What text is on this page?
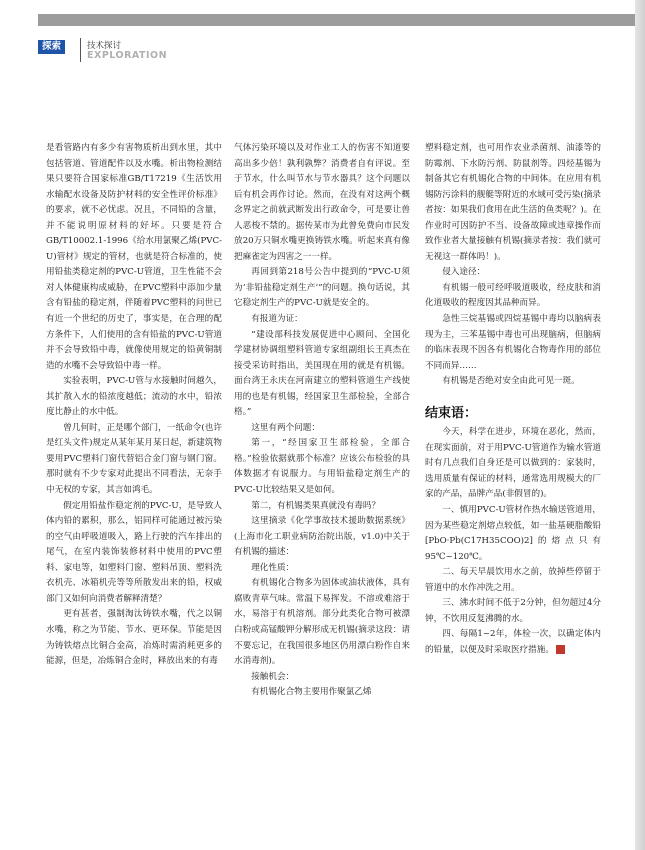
探索	技术探讨
EXPLORATION

是看管路内有多少有害物质析出到水里，其中包括管道、管道配件以及水嘴。析出物检测结果只要符合国家标准GB/T17219《生活饮用水输配水设备及防护材料的安全性评价标准》的要求，就不必忧虑。况且，不同铅的含量，并不能说明原材料的好坏。只要是符合GB/T10002.1-1996《给水用氯聚乙烯(PVC-U)管材》规定的管材，也就是符合标准的，使用铅盐类稳定剂的PVC-U管道，卫生性能不会对人体健康构成威胁，在PVC塑料中添加少量含有铅盐的稳定剂，伴随着PVC塑料的问世已有近一个世纪的历史了，事实是，在合理的配方条件下，人们使用的含有铅盐的PVC-U管道并不会导致铅中毒，就像使用规定的铅黄铜制造的水嘴不会导致铅中毒一样。

实验表明，PVC-U管与水接触时间越久，其扩散入水的铅浓度越低；流动的水中，铅浓度比静止的水中低。

曾几何时，正是哪个部门，一纸命令(也许是红头文件)规定从某年某月某日起，新建筑物要用PVC塑料门窗代替铝合金门窗与钢门窗。那时就有不少专家对此提出不同看法，无奈手中无权的专家，其言如鸿毛。

假定用铅盐作稳定剂的PVC-U，是导致人体内铅的累积，那么，铝同样可能通过被污染的空气由呼吸道吸入，路上行驶的汽车排出的尾气，在室内装饰装修材料中使用的PVC塑料、家电等，如塑料门窗、塑料吊顶、塑料洗衣机壳、冰箱机壳等等所散发出来的铅，权威部门又如何向消费者解释清楚？

更有甚者，强制淘汰铸铁水嘴，代之以铜水嘴，称之为节能、节水、更环保。节能是因为铸铁熔点比铜合金高，冶炼时需消耗更多的能源，但是，冶炼铜合金时，释放出来的有毒

气体污染环境以及对作业工人的伤害不知道要高出多少倍！孰利孰弊？消费者自有评说。至于节水，什么叫节水与节水器具？这个问题以后有机会再作讨论。然而，在没有对这两个概念界定之前就武断发出行政命令，可是要让兽人恶梭不禁的。据传某市为此曾免费向市民发放20万只铜水嘴更换铸铁水嘴。听起来真有像把麻雀定为四害之一一样。

再回到第218号公告中提到的“PVC-U须为‘非铅盐稳定剂生产’”的问题。换句话说，其它稳定剂生产的PVC-U就是安全的。

有报道为证：

“建设部科技发展促进中心顾问、全国化学建材协调组塑料管道专家组副组长王真杰在接受采访时指出，美国现在用的就是有机锡。面台湾王永庆在河南建立的塑料管道生产线使用的也是有机锡，经国家卫生部检验，全部合格。”

这里有两个问题：

第一，“经国家卫生部检验，全部合格。”检验依据就那个标准？应该公布检验的具体数据才有说服力。与用铅盐稳定剂生产的PVC-U比较结果又是如何。

第二，有机锡类果真就没有毒吗？

这里摘录《化学事故技术援助数据系统》(上海市化工职业病防治院出版，v1.0)中关于有机锡的描述：

理化性质：

有机锡化合物多为固体或油状液体，具有腐败青草气味。常温下易挥发。不溶或难溶于水，易溶于有机溶剂。部分此类化合物可被漂白粉或高锰酸钾分解形成无机锡(摘录这段：请不要忘记，在我国很多地区仍用漂白粉作自来水消毒剂)。

接触机会：

有机锡化合物主要用作聚氯乙烯

塑料稳定剂，也可用作农业杀菌剂、油漆等的防霉剂、下水防污剂、防鼠剂等。四烃基锡为制备其它有机锡化合物的中间体。在应用有机锡防污涂料的舰艇等附近的水域可受污染(摘录者按：如果我们食用在此生活的鱼类呢？)。在作业时可因防护不当、设备故障或违章操作而致作业者大量接触有机锡(摘录者按：我们就可无视这一群体吗！)。

侵入途径：

有机锡一般可经呼吸道吸收，经皮肤和消化道吸收的程度因其品种而异。

急性三烷基锡或四烷基锡中毒均以脑病表现为主，三苯基锡中毒也可出现脑病，但脑病的临床表现不因各有机锡化合物毒作用的部位不同而异……

有机锡是否绝对安全由此可见一斑。

结束语：

今天，科学在进步，环境在恶化，然而，在现实面前，对于用PVC-U管道作为输水管道时有几点我们自身还是可以做到的：家装时，选用质量有保证的材料，通常选用规模大的厂家的产品，品牌产品(非假冒的)。

一、慎用PVC-U管材作热水输送管道用，因为某些稳定剂熔点较低，如一盐基硬脂酸铅[PbO·Pb(C17H35COO)2]的熔点只有95℃~120℃。

二、每天早晨饮用水之前，放掉些停留于管道中的水作冲洗之用。

三、沸水时间不低于2分钟，但勿超过4分钟，不饮用反复沸腾的水。

四、每隔1~2年，体检一次，以确定体内的铅量，以便及时采取医疗措施。	▣
